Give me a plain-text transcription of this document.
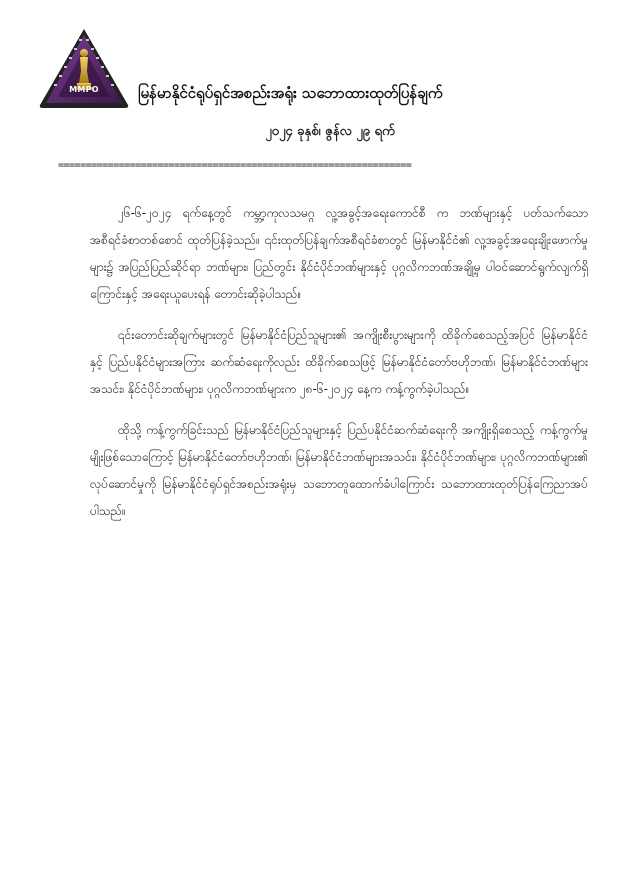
MMPO	မြန်မာနိုင်ငံရုပ်ရှင်အစည်းအရုံး သဘောထားထုတ်ပြန်ချက်
၂၀၂၄ ခုနှစ်၊ ဇွန်လ ၂၉ ရက်
================================================================

၂၆-၆-၂၀၂၄ ရက်နေ့တွင် ကမ္ဘာ့ကုလသမဂ္ဂ လူ့အခွင့်အရေးကောင်စီ က ဘဏ်များနှင့် ပတ်သက်သော အစီရင်ခံစာတစ်စောင် ထုတ်ပြန်ခဲ့သည်။ ၎င်းထုတ်ပြန်ချက်အစီရင်ခံစာတွင် မြန်မာနိုင်ငံ၏ လူ့အခွင့်အရေးချိုးဖောက်မှုများ၌ အပြည်ပြည်ဆိုင်ရာ ဘဏ်များ၊ ပြည်တွင်း နိုင်ငံပိုင်ဘဏ်များနှင့် ပုဂ္ဂလိကဘဏ်အချို့မှ ပါဝင်ဆောင်ရွက်လျက်ရှိကြောင်းနှင့် အရေးယူပေးရန် တောင်းဆိုခဲ့ပါသည်။

၎င်းတောင်းဆိုချက်များတွင် မြန်မာနိုင်ငံပြည်သူများ၏ အကျိုးစီးပွားများကို ထိခိုက်စေသည့်အပြင် မြန်မာနိုင်ငံနှင့် ပြည်ပနိုင်ငံများအကြား ဆက်ဆံရေးကိုလည်း ထိခိုက်စေသဖြင့် မြန်မာနိုင်ငံတော်ဗဟိုဘဏ်၊ မြန်မာနိုင်ငံဘဏ်များအသင်း၊ နိုင်ငံပိုင်ဘဏ်များ၊ ပုဂ္ဂလိကဘဏ်များက ၂၈-၆-၂၀၂၄ နေ့က ကန့်ကွက်ခဲ့ပါသည်။

ထိုသို့ ကန့်ကွက်ခြင်းသည် မြန်မာနိုင်ငံပြည်သူများနှင့် ပြည်ပနိုင်ငံဆက်ဆံရေးကို အကျိုးရှိစေသည့် ကန့်ကွက်မှုမျိုးဖြစ်သောကြောင့် မြန်မာနိုင်ငံတော်ဗဟိုဘဏ်၊ မြန်မာနိုင်ငံဘဏ်များအသင်း၊ နိုင်ငံပိုင်ဘဏ်များ၊ ပုဂ္ဂလိကဘဏ်များ၏ လုပ်ဆောင်မှုကို မြန်မာနိုင်ငံရုပ်ရှင်အစည်းအရုံးမှ သဘောတူထောက်ခံပါကြောင်း သဘောထားထုတ်ပြန်ကြေညာအပ်ပါသည်။
